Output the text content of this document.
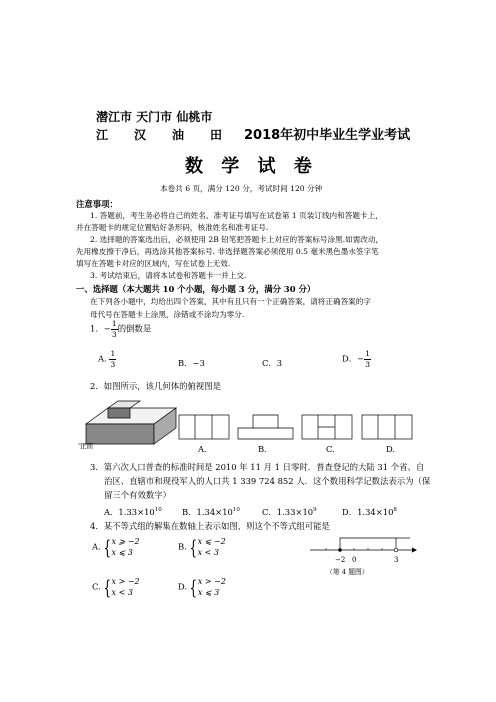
潜江市 天门市 仙桃市
江 汉 油 田 2018年初中毕业生学业考试
数 学 试 卷
本卷共 6 页，满分 120 分，考试时间 120 分钟
注意事项：
1. 答题前，考生务必将自己的姓名、准考证号填写在试卷第 1 页装订线内和答题卡上，
并在答题卡的规定位置贴好条形码，核准姓名和准考证号.
2. 选择题的答案选出后，必须使用 2B 铅笔把答题卡上对应的答案标号涂黑.如需改动，
先用橡皮擦干净后，再选涂其他答案标号. 非选择题答案必须使用 0.5 毫米黑色墨水签字笔
填写在答题卡对应的区域内，写在试卷上无效.
3. 考试结束后，请将本试卷和答题卡一并上交.
一、选择题（本大题共 10 个小题，每小题 3 分，满分 30 分）
在下列各小题中，均给出四个答案，其中有且只有一个正确答案，请将正确答案的字
母代号在答题卡上涂黑，涂错或不涂均为零分.
1．− $\frac{1}{3}$ 的倒数是
A. $\frac{1}{3}$	B．−3	C．3	D．− $\frac{1}{3}$
2．如图所示，该几何体的俯视图是
正面	A.	B.	C.	D.
3．第六次人口普查的标准时间是 2010 年 11 月 1 日零时．普查登记的大陆 31 个省、自
治区、直辖市和现役军人的人口共 1 339 724 852 人．这个数用科学记数法表示为（保
留三个有效数字）
A．$1.33\times 10^{10}$ B．$1.34\times 10^{10}$	C．$1.33\times 10^9$	D．$1.34\times 10^8$
4．某不等式组的解集在数轴上表示如图，则这个不等式组可能是
A. { x ⩾ −2
x ⩽ 3
B. { x ⩽ −2
x < 3
C. { x > −2
x < 3
D. { x > −2
x ⩽ 3
−2 0	3
（第 4 题图）
